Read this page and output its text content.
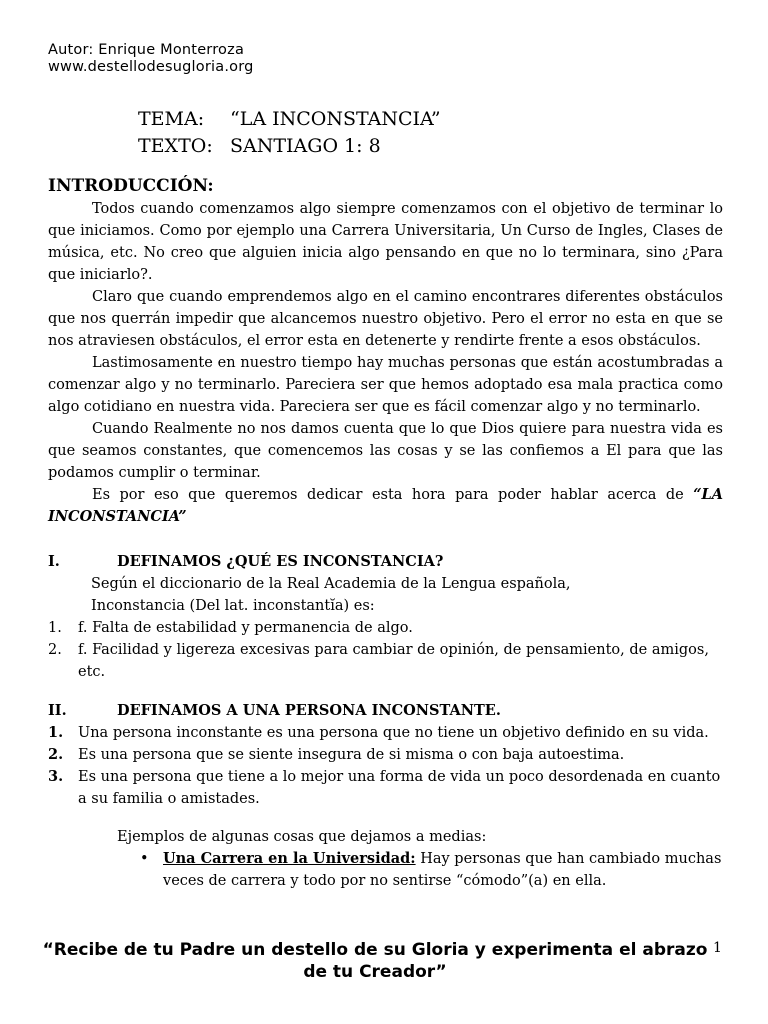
Autor: Enrique Monterroza
www.destellodesugloria.org
TEMA:	“LA INCONSTANCIA”
TEXTO: SANTIAGO 1: 8
INTRODUCCIÓN:

Todos cuando comenzamos algo siempre comenzamos con el objetivo de terminar lo que iniciamos. Como por ejemplo una Carrera Universitaria, Un Curso de Ingles, Clases de música, etc. No creo que alguien inicia algo pensando en que no lo terminara, sino ¿Para que iniciarlo?.

Claro que cuando emprendemos algo en el camino encontrares diferentes obstáculos que nos querrán impedir que alcancemos nuestro objetivo. Pero el error no esta en que se nos atraviesen obstáculos, el error esta en detenerte y rendirte frente a esos obstáculos.

Lastimosamente en nuestro tiempo hay muchas personas que están acostumbradas a comenzar algo y no terminarlo. Pareciera ser que hemos adoptado esa mala practica como algo cotidiano en nuestra vida. Pareciera ser que es fácil comenzar algo y no terminarlo.

Cuando Realmente no nos damos cuenta que lo que Dios quiere para nuestra vida es que seamos constantes, que comencemos las cosas y se las confiemos a El para que las podamos cumplir o terminar.

Es por eso que queremos dedicar esta hora para poder hablar acerca de “LA INCONSTANCIA”

I.	DEFINAMOS ¿QUÉ ES INCONSTANCIA?
Según el diccionario de la Real Academia de la Lengua española,
Inconstancia (Del lat. inconstantĭa) es:
1.	f. Falta de estabilidad y permanencia de algo.
2.	f. Facilidad y ligereza excesivas para cambiar de opinión, de pensamiento, de amigos, etc.
II.	DEFINAMOS A UNA PERSONA INCONSTANTE.
1.	Una persona inconstante es una persona que no tiene un objetivo definido en su vida.
2.	Es una persona que se siente insegura de si misma o con baja autoestima.
3.	Es una persona que tiene a lo mejor una forma de vida un poco desordenada en cuanto a su familia o amistades.
Ejemplos de algunas cosas que dejamos a medias:
• Una Carrera en la Universidad: Hay personas que han cambiado muchas veces de carrera y todo por no sentirse “cómodo”(a) en ella.
“Recibe de tu Padre un destello de su Gloria y experimenta el abrazo de tu Creador”
1
